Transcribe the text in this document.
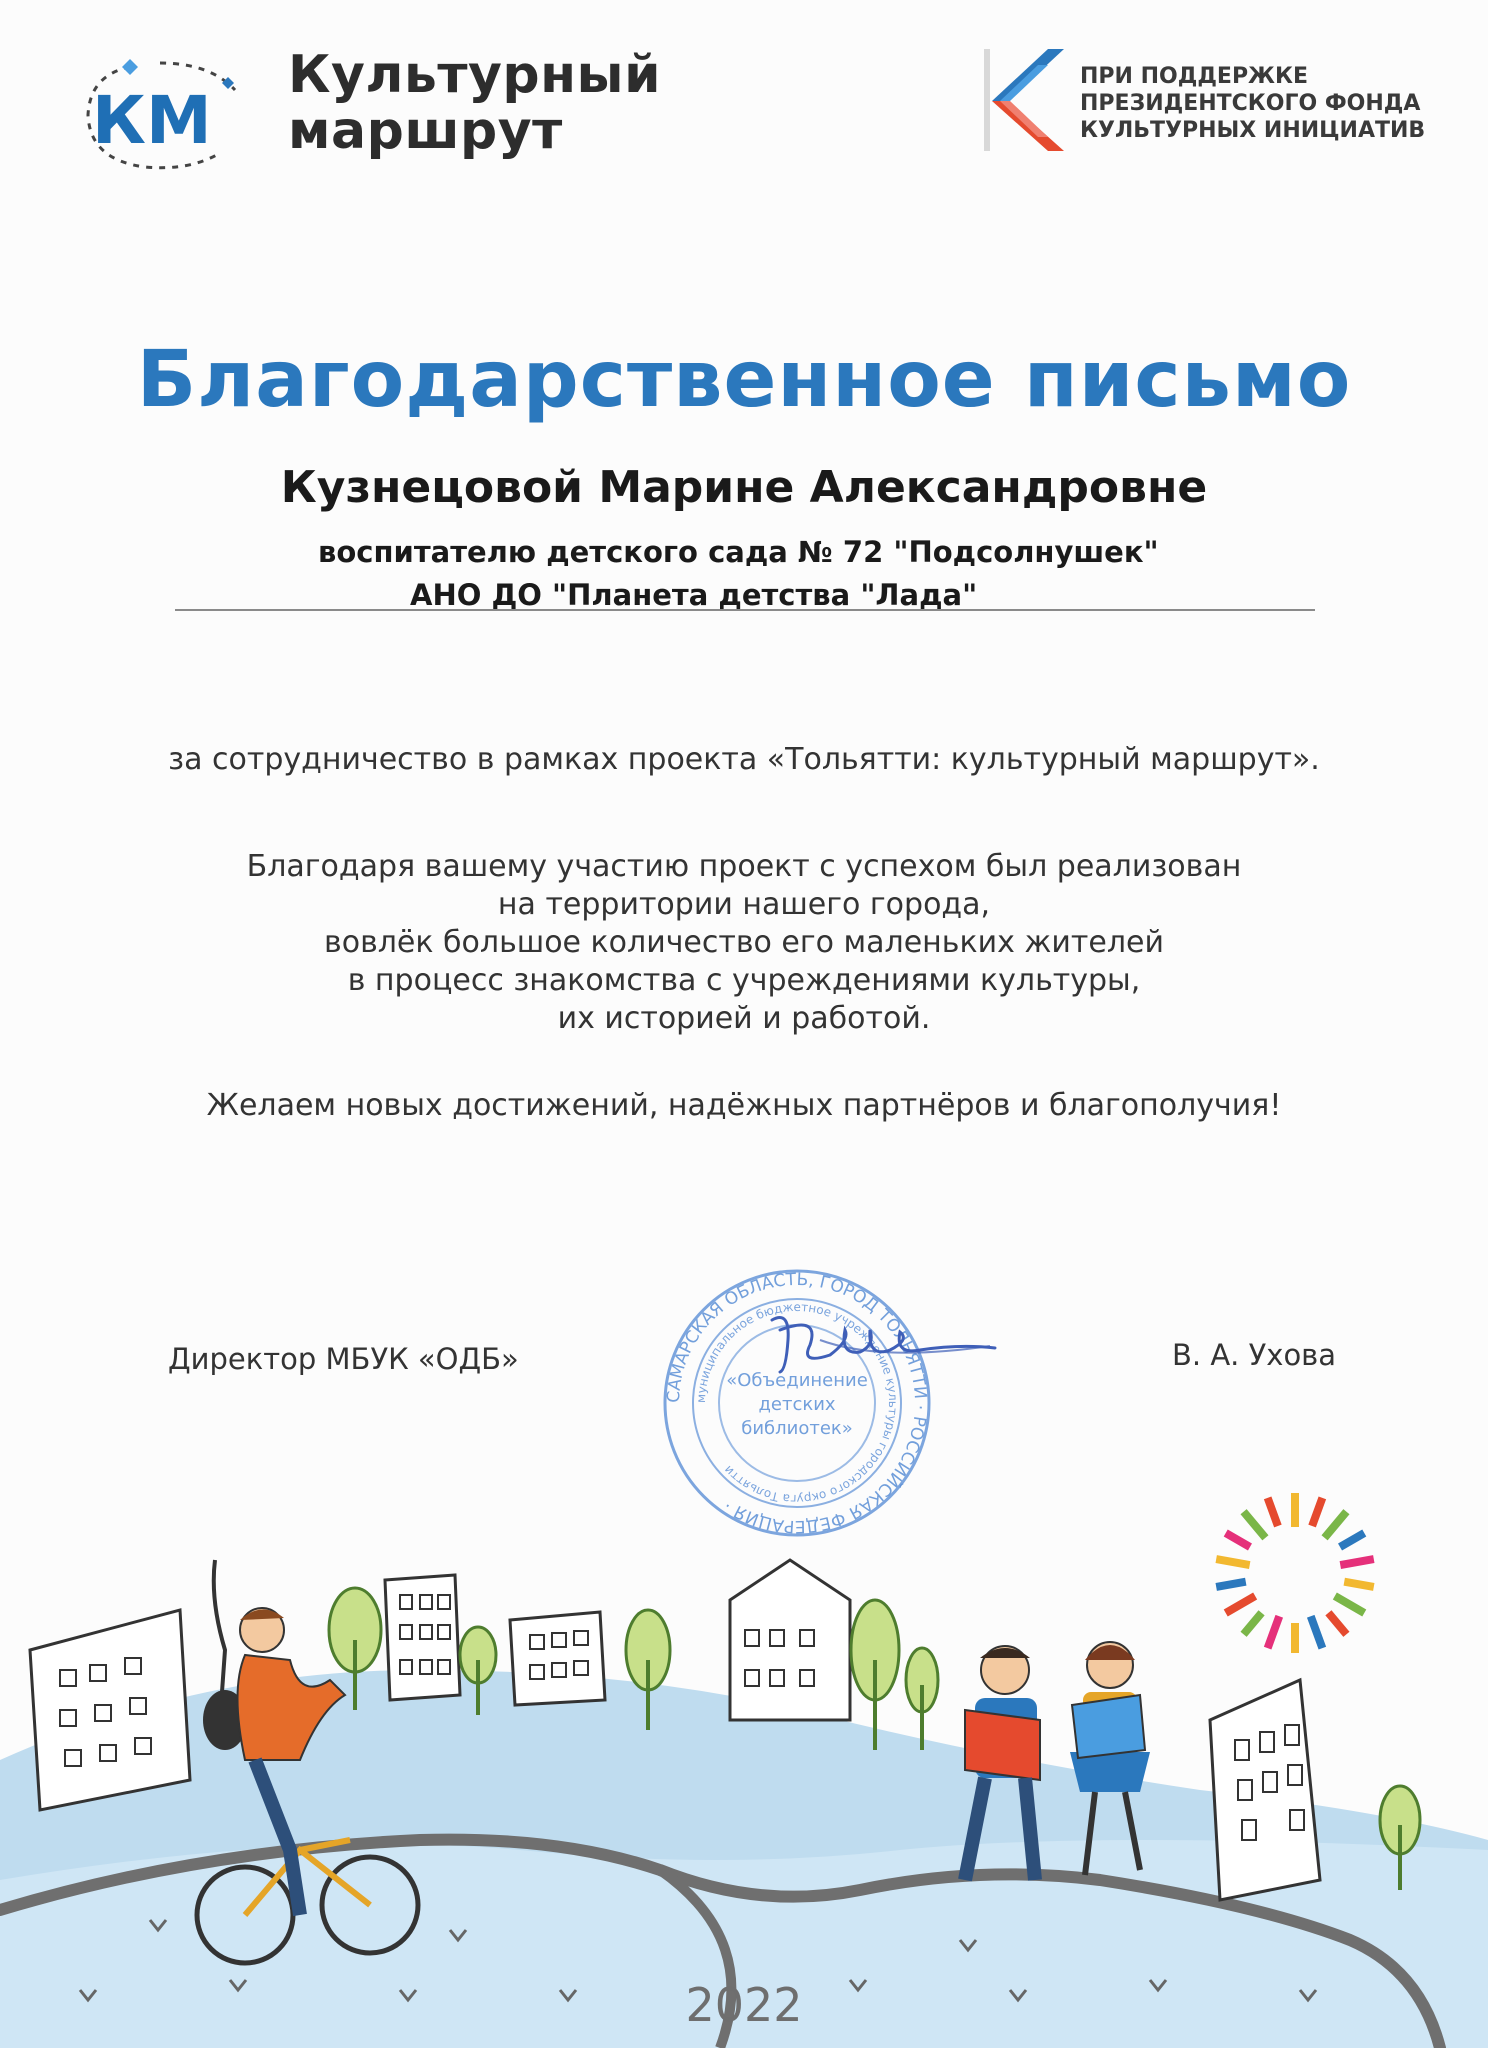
КМ
Культурный
маршрут
ПРИ ПОДДЕРЖКЕ
ПРЕЗИДЕНТСКОГО ФОНДА
КУЛЬТУРНЫХ ИНИЦИАТИВ
Благодарственное письмо
Кузнецовой Марине Александровне
воспитателю детского сада № 72 "Подсолнушек"
АНО ДО "Планета детства "Лада"
за сотрудничество в рамках проекта «Тольятти: культурный маршрут».
Благодаря вашему участию проект с успехом был реализован
на территории нашего города,
вовлёк большое количество его маленьких жителей
в процесс знакомства с учреждениями культуры,
их историей и работой.
Желаем новых достижений, надёжных партнёров и благополучия!
Директор МБУК «ОДБ»	В. А. Ухова
САМАРСКАЯ ОБЛАСТЬ, ГОРОД ТОЛЬЯТТИ · РОССИЙСКАЯ ФЕДЕРАЦИЯ ·
муниципальное бюджетное учреждение культуры городского округа Тольятти
«Объединение
детских
библиотек»
2022
